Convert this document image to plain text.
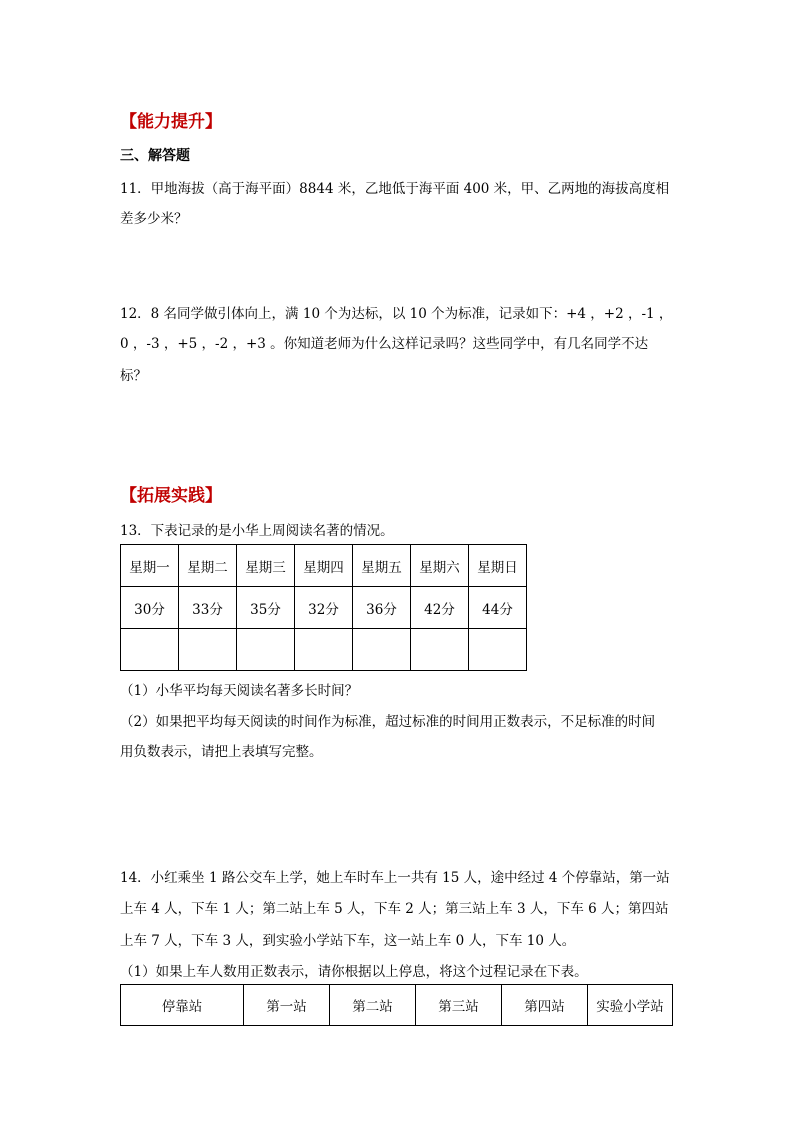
【能力提升】
三、解答题
11．甲地海拔（高于海平面）8844 米，乙地低于海平面 400 米，甲、乙两地的海拔高度相
差多少米？
12．8 名同学做引体向上，满 10 个为达标，以 10 个为标准，记录如下：+4 ，+2 ，-1 ，
0 ，-3 ，+5 ，-2 ，+3 。你知道老师为什么这样记录吗？这些同学中，有几名同学不达
标？
【拓展实践】
13．下表记录的是小华上周阅读名著的情况。
星期一	星期二	星期三	星期四	星期五	星期六	星期日
30分	33分	35分	32分	36分	42分	44分

（1）小华平均每天阅读名著多长时间？
（2）如果把平均每天阅读的时间作为标准，超过标准的时间用正数表示，不足标准的时间
用负数表示，请把上表填写完整。
14．小红乘坐 1 路公交车上学，她上车时车上一共有 15 人，途中经过 4 个停靠站，第一站
上车 4 人，下车 1 人；第二站上车 5 人，下车 2 人；第三站上车 3 人，下车 6 人；第四站
上车 7 人，下车 3 人，到实验小学站下车，这一站上车 0 人，下车 10 人。
（1）如果上车人数用正数表示，请你根据以上停息，将这个过程记录在下表。
停靠站	第一站	第二站	第三站	第四站	实验小学站
